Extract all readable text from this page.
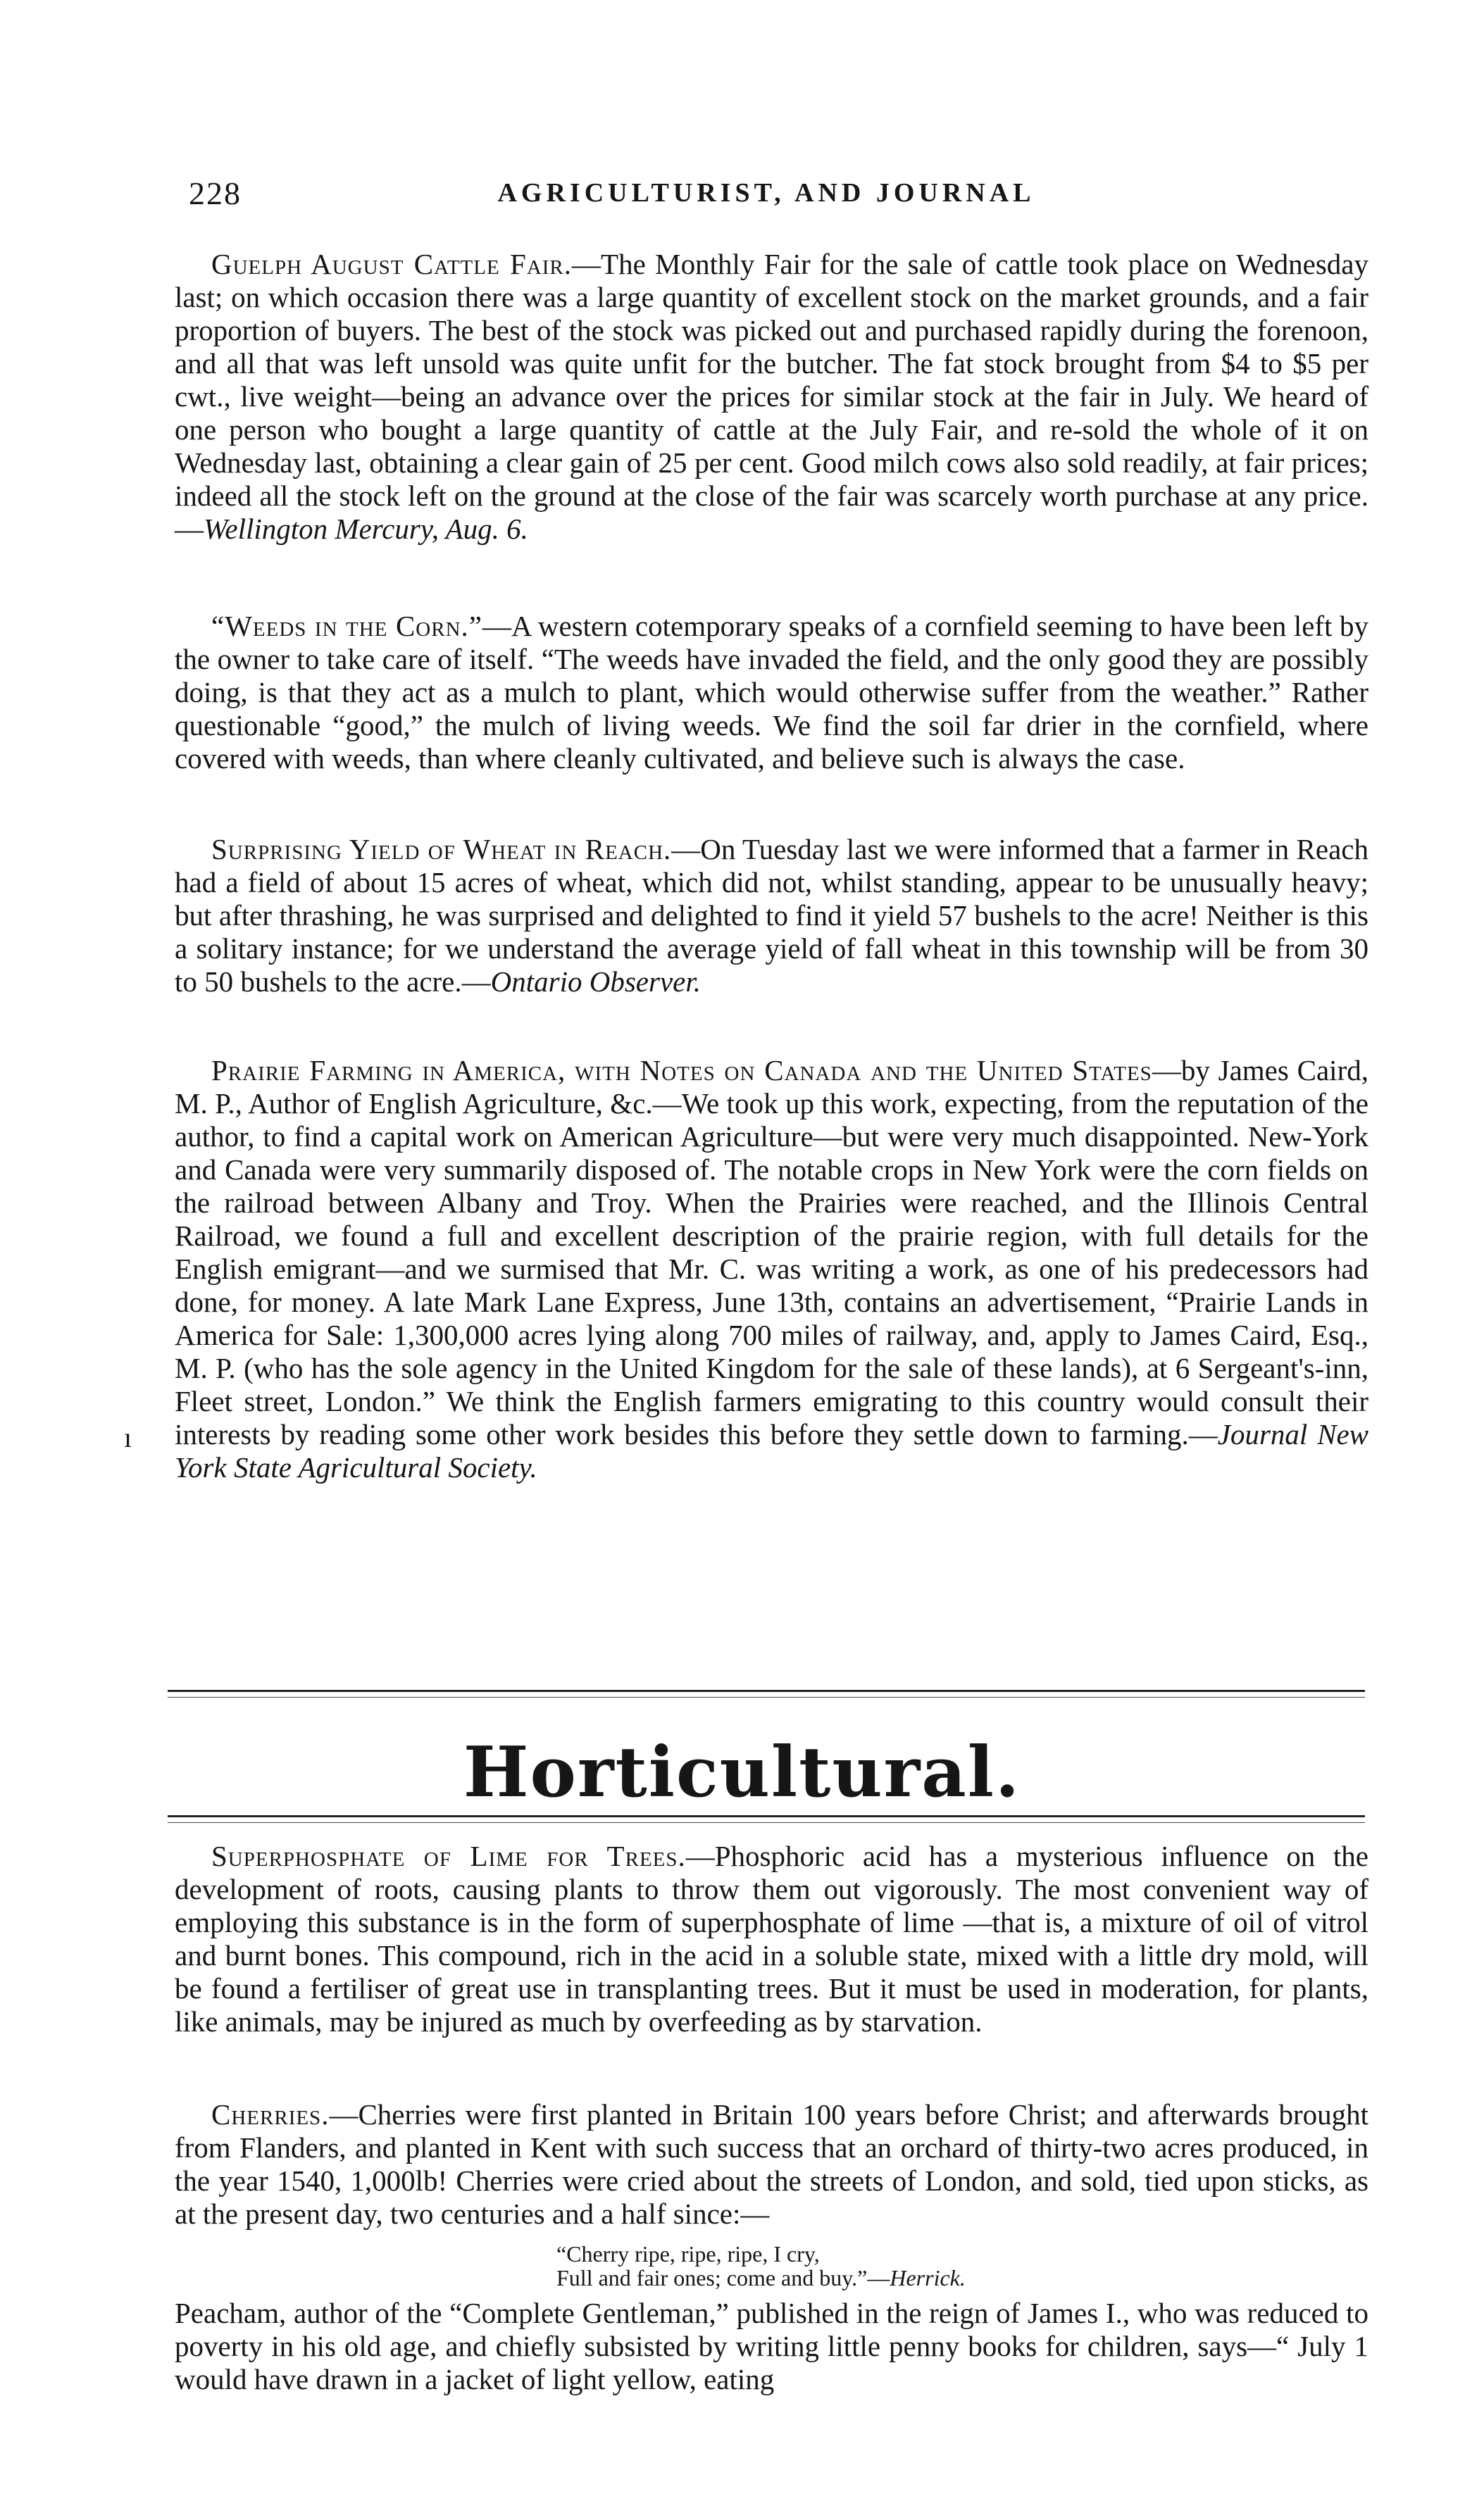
228	AGRICULTURIST, AND JOURNAL

Guelph August Cattle Fair.—The Monthly Fair for the sale of cattle took place on Wednesday last; on which occasion there was a large quantity of excellent stock on the market grounds, and a fair proportion of buyers. The best of the stock was picked out and purchased rapidly during the forenoon, and all that was left unsold was quite unfit for the butcher. The fat stock brought from $4 to $5 per cwt., live weight—being an advance over the prices for similar stock at the fair in July. We heard of one person who bought a large quantity of cattle at the July Fair, and re-sold the whole of it on Wednesday last, obtaining a clear gain of 25 per cent. Good milch cows also sold readily, at fair prices; indeed all the stock left on the ground at the close of the fair was scarcely worth purchase at any price.—Wellington Mercury, Aug. 6.

“Weeds in the Corn.”—A western cotemporary speaks of a cornfield seeming to have been left by the owner to take care of itself. “The weeds have invaded the field, and the only good they are possibly doing, is that they act as a mulch to plant, which would otherwise suffer from the weather.” Rather questionable “good,” the mulch of living weeds. We find the soil far drier in the cornfield, where covered with weeds, than where cleanly cultivated, and believe such is always the case.

Surprising Yield of Wheat in Reach.—On Tuesday last we were informed that a farmer in Reach had a field of about 15 acres of wheat, which did not, whilst standing, appear to be unusually heavy; but after thrashing, he was surprised and delighted to find it yield 57 bushels to the acre! Neither is this a solitary instance; for we understand the average yield of fall wheat in this township will be from 30 to 50 bushels to the acre.—Ontario Observer.

Prairie Farming in America, with Notes on Canada and the United States—by James Caird, M. P., Author of English Agriculture, &c.—We took up this work, expecting, from the reputation of the author, to find a capital work on American Agriculture—but were very much disappointed. New-York and Canada were very summarily disposed of. The notable crops in New York were the corn fields on the railroad between Albany and Troy. When the Prairies were reached, and the Illinois Central Railroad, we found a full and excellent description of the prairie region, with full details for the English emigrant—and we surmised that Mr. C. was writing a work, as one of his predecessors had done, for money. A late Mark Lane Express, June 13th, contains an advertisement, “Prairie Lands in America for Sale: 1,300,000 acres lying along 700 miles of railway, and, apply to James Caird, Esq., M. P. (who has the sole agency in the United Kingdom for the sale of these lands), at 6 Sergeant's-inn, Fleet street, London.” We think the English farmers emigrating to this country would consult their interests by reading some other work besides this before they settle down to farming.—Journal New York State Agricultural Society.

ı
Horticultural.

Superphosphate of Lime for Trees.—Phosphoric acid has a mysterious influence on the development of roots, causing plants to throw them out vigorously. The most convenient way of employing this substance is in the form of superphosphate of lime —that is, a mixture of oil of vitrol and burnt bones. This compound, rich in the acid in a soluble state, mixed with a little dry mold, will be found a fertiliser of great use in transplanting trees. But it must be used in moderation, for plants, like animals, may be injured as much by overfeeding as by starvation.

Cherries.—Cherries were first planted in Britain 100 years before Christ; and afterwards brought from Flanders, and planted in Kent with such success that an orchard of thirty-two acres produced, in the year 1540, 1,000lb! Cherries were cried about the streets of London, and sold, tied upon sticks, as at the present day, two centuries and a half since:—

“Cherry ripe, ripe, ripe, I cry,
Full and fair ones; come and buy.”—Herrick.

Peacham, author of the “Complete Gentleman,” published in the reign of James I., who was reduced to poverty in his old age, and chiefly subsisted by writing little penny books for children, says—“ July 1 would have drawn in a jacket of light yellow, eating
